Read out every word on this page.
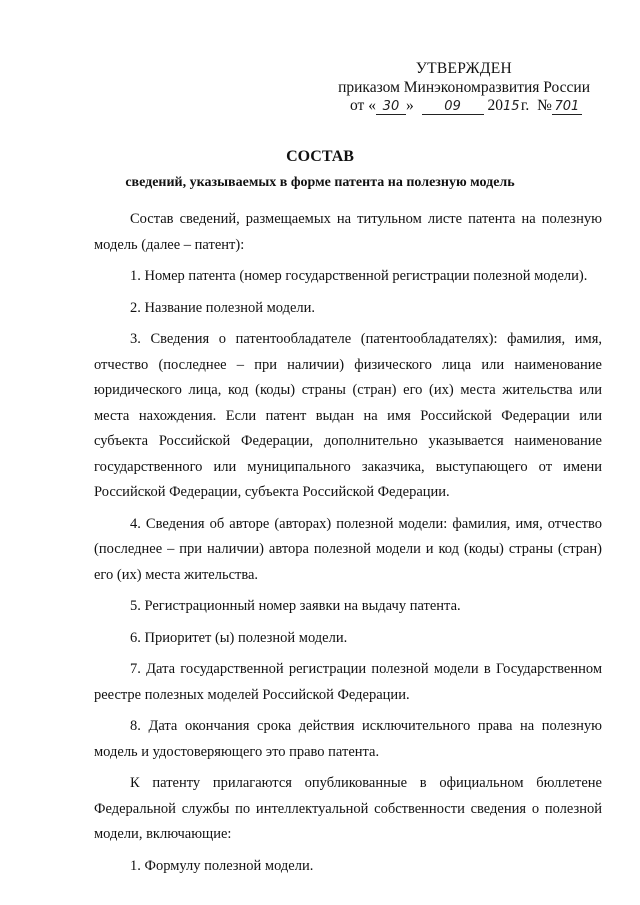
УТВЕРЖДЕН
приказом Минэкономразвития России
от « 30 » 09 2015 г. № 701
СОСТАВ
сведений, указываемых в форме патента на полезную модель

Состав сведений, размещаемых на титульном листе патента на полезную модель (далее – патент):

1. Номер патента (номер государственной регистрации полезной модели).

2. Название полезной модели.

3. Сведения о патентообладателе (патентообладателях): фамилия, имя, отчество (последнее – при наличии) физического лица или наименование юридического лица, код (коды) страны (стран) его (их) места жительства или места нахождения. Если патент выдан на имя Российской Федерации или субъекта Российской Федерации, дополнительно указывается наименование государственного или муниципального заказчика, выступающего от имени Российской Федерации, субъекта Российской Федерации.

4. Сведения об авторе (авторах) полезной модели: фамилия, имя, отчество (последнее – при наличии) автора полезной модели и код (коды) страны (стран) его (их) места жительства.

5. Регистрационный номер заявки на выдачу патента.

6. Приоритет (ы) полезной модели.

7. Дата государственной регистрации полезной модели в Государственном реестре полезных моделей Российской Федерации.

8. Дата окончания срока действия исключительного права на полезную модель и удостоверяющего это право патента.

К патенту прилагаются опубликованные в официальном бюллетене Федеральной службы по интеллектуальной собственности сведения о полезной модели, включающие:

1. Формулу полезной модели.
